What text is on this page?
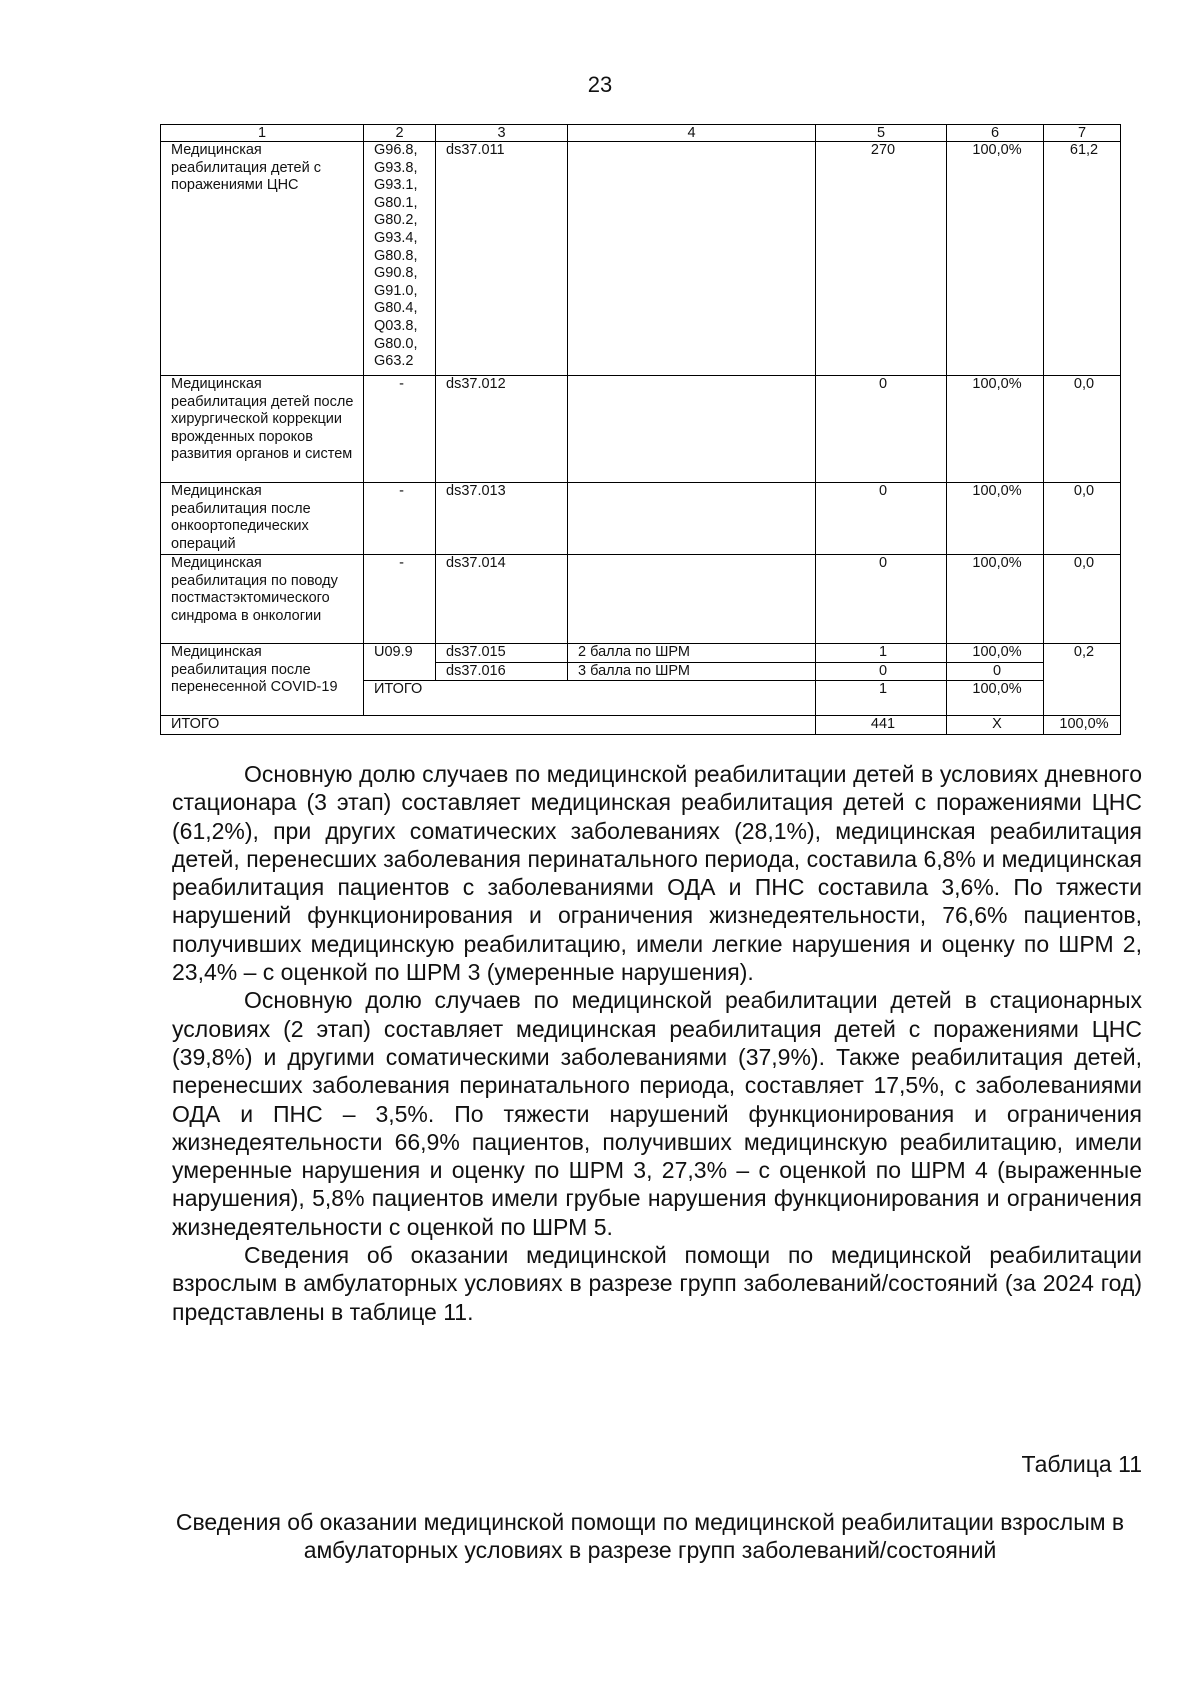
23
1	2	3	4	5	6	7
Медицинская реабилитация детей с поражениями ЦНС	G96.8, G93.8, G93.1, G80.1, G80.2, G93.4, G80.8, G90.8, G91.0, G80.4, Q03.8, G80.0, G63.2	ds37.011		270	100,0%	61,2
Медицинская реабилитация детей после хирургической коррекции врожденных пороков развития органов и систем	-	ds37.012		0	100,0%	0,0
Медицинская реабилитация после онкоортопедических операций	-	ds37.013		0	100,0%	0,0
Медицинская реабилитация по поводу постмастэктомического синдрома в онкологии	-	ds37.014		0	100,0%	0,0
Медицинская реабилитация после перенесенной COVID-19	U09.9	ds37.015	2 балла по ШРМ	1	100,0%	0,2
		ds37.016	3 балла по ШРМ	0	0	
	ИТОГО			1	100,0%	
ИТОГО				441	X	100,0%

Основную долю случаев по медицинской реабилитации детей в условиях дневного стационара (3 этап) составляет медицинская реабилитация детей с поражениями ЦНС (61,2%), при других соматических заболеваниях (28,1%), медицинская реабилитация детей, перенесших заболевания перинатального периода, составила 6,8% и медицинская реабилитация пациентов с заболеваниями ОДА и ПНС составила 3,6%. По тяжести нарушений функционирования и ограничения жизнедеятельности, 76,6% пациентов, получивших медицинскую реабилитацию, имели легкие нарушения и оценку по ШРМ 2, 23,4% – с оценкой по ШРМ 3 (умеренные нарушения).

Основную долю случаев по медицинской реабилитации детей в стационарных условиях (2 этап) составляет медицинская реабилитация детей с поражениями ЦНС (39,8%) и другими соматическими заболеваниями (37,9%). Также реабилитация детей, перенесших заболевания перинатального периода, составляет 17,5%, с заболеваниями ОДА и ПНС – 3,5%. По тяжести нарушений функционирования и ограничения жизнедеятельности 66,9% пациентов, получивших медицинскую реабилитацию, имели умеренные нарушения и оценку по ШРМ 3, 27,3% – с оценкой по ШРМ 4 (выраженные нарушения), 5,8% пациентов имели грубые нарушения функционирования и ограничения жизнедеятельности с оценкой по ШРМ 5.

Сведения об оказании медицинской помощи по медицинской реабилитации взрослым в амбулаторных условиях в разрезе групп заболеваний/состояний (за 2024 год) представлены в таблице 11.

Таблица 11
Сведения об оказании медицинской помощи по медицинской реабилитации взрослым в амбулаторных условиях в разрезе групп заболеваний/состояний
